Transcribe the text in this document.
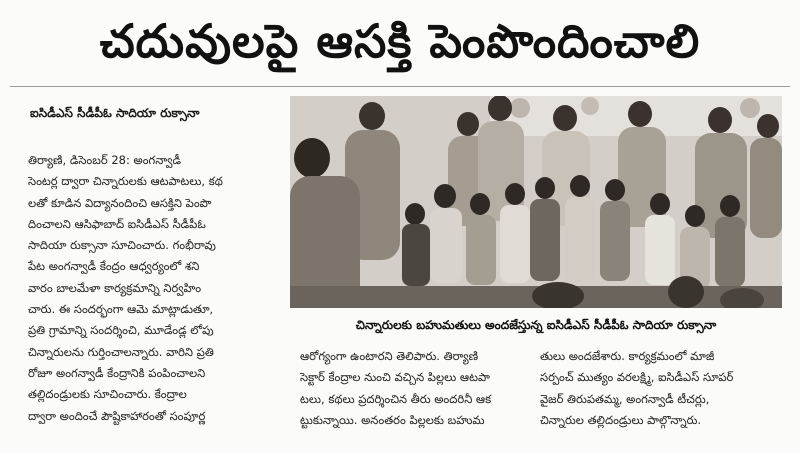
చదువులపై ఆసక్తి పెంపొందించాలి
ఐసిడీఎస్ సీడీపీఓ సాదియా రుక్సానా
తిర్యాణి, డిసెంబర్ 28: అంగన్వాడీ
సెంటర్ల ద్వారా చిన్నారులకు ఆటపాటలు, కథ
లతో కూడిన విద్యానందించి ఆసక్తిని పెంపొ
దించాలని ఆసిఫాబాద్ ఐసిడీఎస్ సీడీపీఓ
సాదియా రుక్సానా సూచించారు. గంభీరావు
పేట అంగన్వాడీ కేంద్రం ఆధ్వర్యంలో శని
వారం బాలమేళా కార్యక్రమాన్ని నిర్వహిం
చారు. ఈ సందర్భంగా ఆమె మాట్లాడుతూ,
ప్రతి గ్రామాన్ని సందర్శించి, మూడేండ్ల లోపు
చిన్నారులను గుర్తించాలన్నారు. వారిని ప్రతి
రోజూ అంగన్వాడీ కేంద్రానికి పంపించాలని
తల్లిదండ్రులకు సూచించారు. కేంద్రాల
ద్వారా అందించే పౌష్టికాహారంతో సంపూర్ణ
చిన్నారులకు బహుమతులు అందజేస్తున్న ఐసిడీఎస్ సీడీపీఓ సాదియా రుక్సానా
ఆరోగ్యంగా ఉంటారని తెలిపారు. తిర్యాణి
సెక్టార్ కేంద్రాల నుంచి వచ్చిన పిల్లలు ఆటపా
టలు, కథలు ప్రదర్శించిన తీరు అందరినీ ఆక
ట్టుకున్నాయి. అనంతరం పిల్లలకు బహుమ
తులు అందజేశారు. కార్యక్రమంలో మాజీ
సర్పంచ్ ముత్యం వరలక్ష్మి, ఐసిడీఎస్ సూపర్
వైజర్ తిరుపతమ్మ, అంగన్వాడీ టీచర్లు,
చిన్నారుల తల్లిదండ్రులు పాల్గొన్నారు.
